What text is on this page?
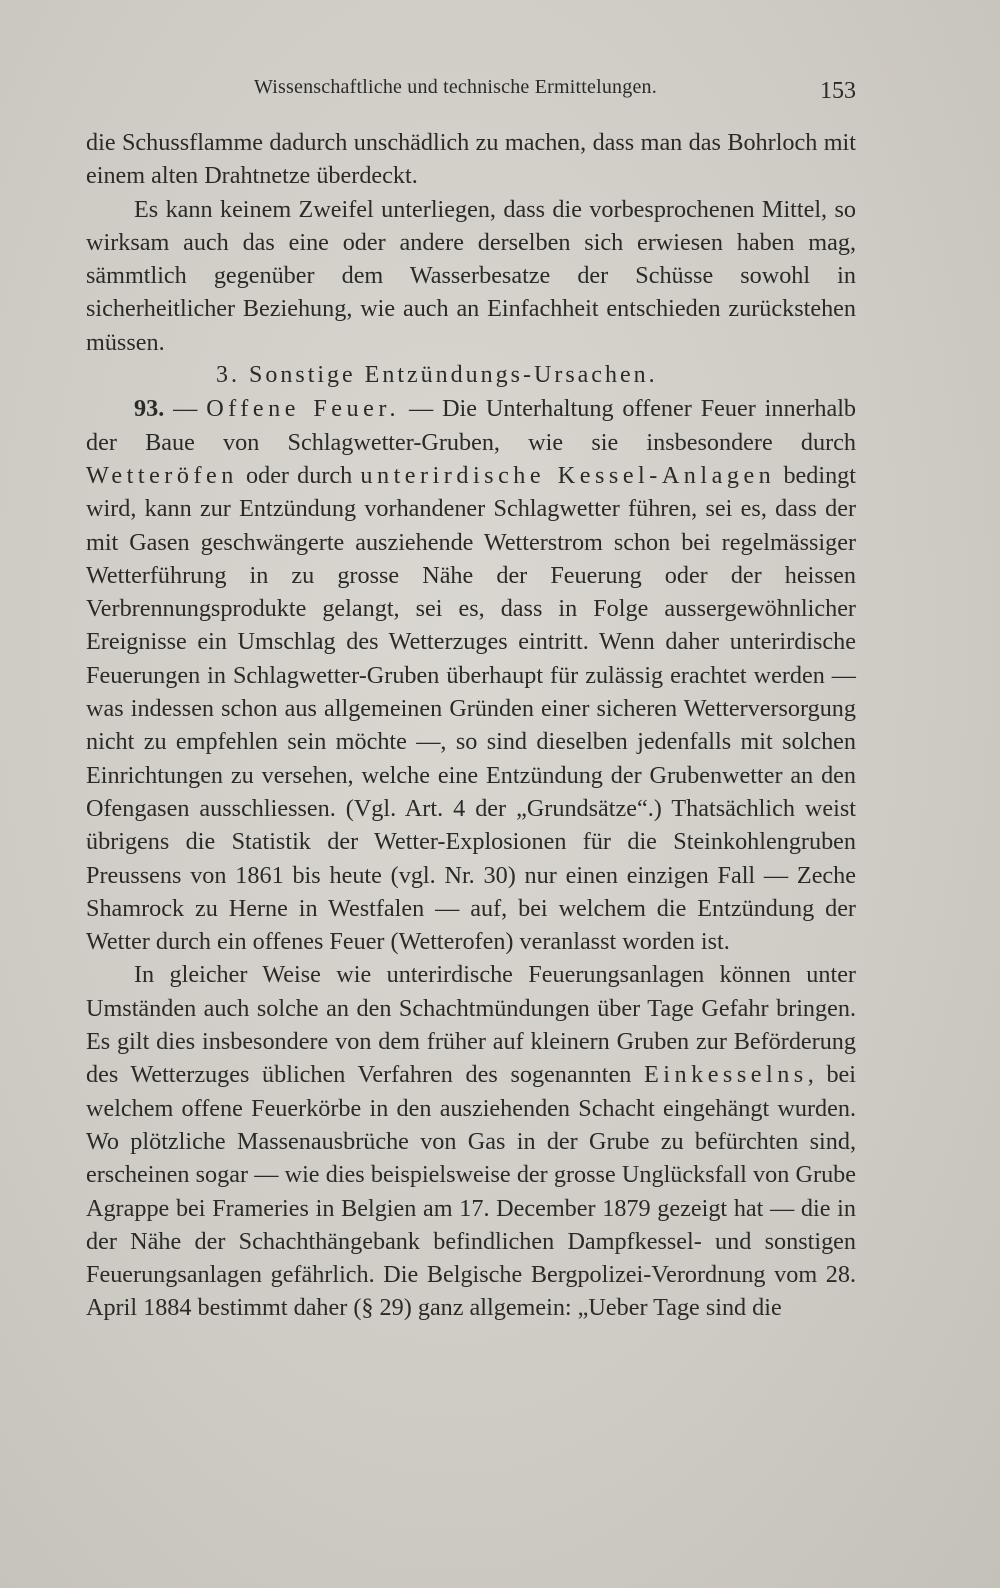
Wissenschaftliche und technische Ermittelungen.	153

die Schussflamme dadurch unschädlich zu machen, dass man das Bohrloch mit einem alten Drahtnetze überdeckt.

Es kann keinem Zweifel unterliegen, dass die vorbesprochenen Mittel, so wirksam auch das eine oder andere derselben sich erwiesen haben mag, sämmtlich gegenüber dem Wasserbesatze der Schüsse sowohl in sicherheitlicher Beziehung, wie auch an Einfachheit entschieden zurückstehen müssen.

3. Sonstige Entzündungs-Ursachen.

93. — Offene Feuer. — Die Unterhaltung offener Feuer innerhalb der Baue von Schlagwetter-Gruben, wie sie insbesondere durch Wetteröfen oder durch unterirdische Kessel-Anlagen bedingt wird, kann zur Entzündung vorhandener Schlagwetter führen, sei es, dass der mit Gasen geschwängerte ausziehende Wetterstrom schon bei regelmässiger Wetterführung in zu grosse Nähe der Feuerung oder der heissen Verbrennungsprodukte gelangt, sei es, dass in Folge aussergewöhnlicher Ereignisse ein Umschlag des Wetterzuges eintritt. Wenn daher unterirdische Feuerungen in Schlagwetter-Gruben überhaupt für zulässig erachtet werden — was indessen schon aus allgemeinen Gründen einer sicheren Wetterversorgung nicht zu empfehlen sein möchte —, so sind dieselben jedenfalls mit solchen Einrichtungen zu versehen, welche eine Entzündung der Grubenwetter an den Ofengasen ausschliessen. (Vgl. Art. 4 der „Grundsätze“.) Thatsächlich weist übrigens die Statistik der Wetter-Explosionen für die Steinkohlengruben Preussens von 1861 bis heute (vgl. Nr. 30) nur einen einzigen Fall — Zeche Shamrock zu Herne in Westfalen — auf, bei welchem die Entzündung der Wetter durch ein offenes Feuer (Wetterofen) veranlasst worden ist.

In gleicher Weise wie unterirdische Feuerungsanlagen können unter Umständen auch solche an den Schachtmündungen über Tage Gefahr bringen. Es gilt dies insbesondere von dem früher auf kleinern Gruben zur Beförderung des Wetterzuges üblichen Verfahren des sogenannten Einkesselns, bei welchem offene Feuerkörbe in den ausziehenden Schacht eingehängt wurden. Wo plötzliche Massenausbrüche von Gas in der Grube zu befürchten sind, erscheinen sogar — wie dies beispielsweise der grosse Unglücksfall von Grube Agrappe bei Frameries in Belgien am 17. December 1879 gezeigt hat — die in der Nähe der Schachthängebank befindlichen Dampfkessel- und sonstigen Feuerungsanlagen gefährlich. Die Belgische Bergpolizei-Verordnung vom 28. April 1884 bestimmt daher (§ 29) ganz allgemein: „Ueber Tage sind die
